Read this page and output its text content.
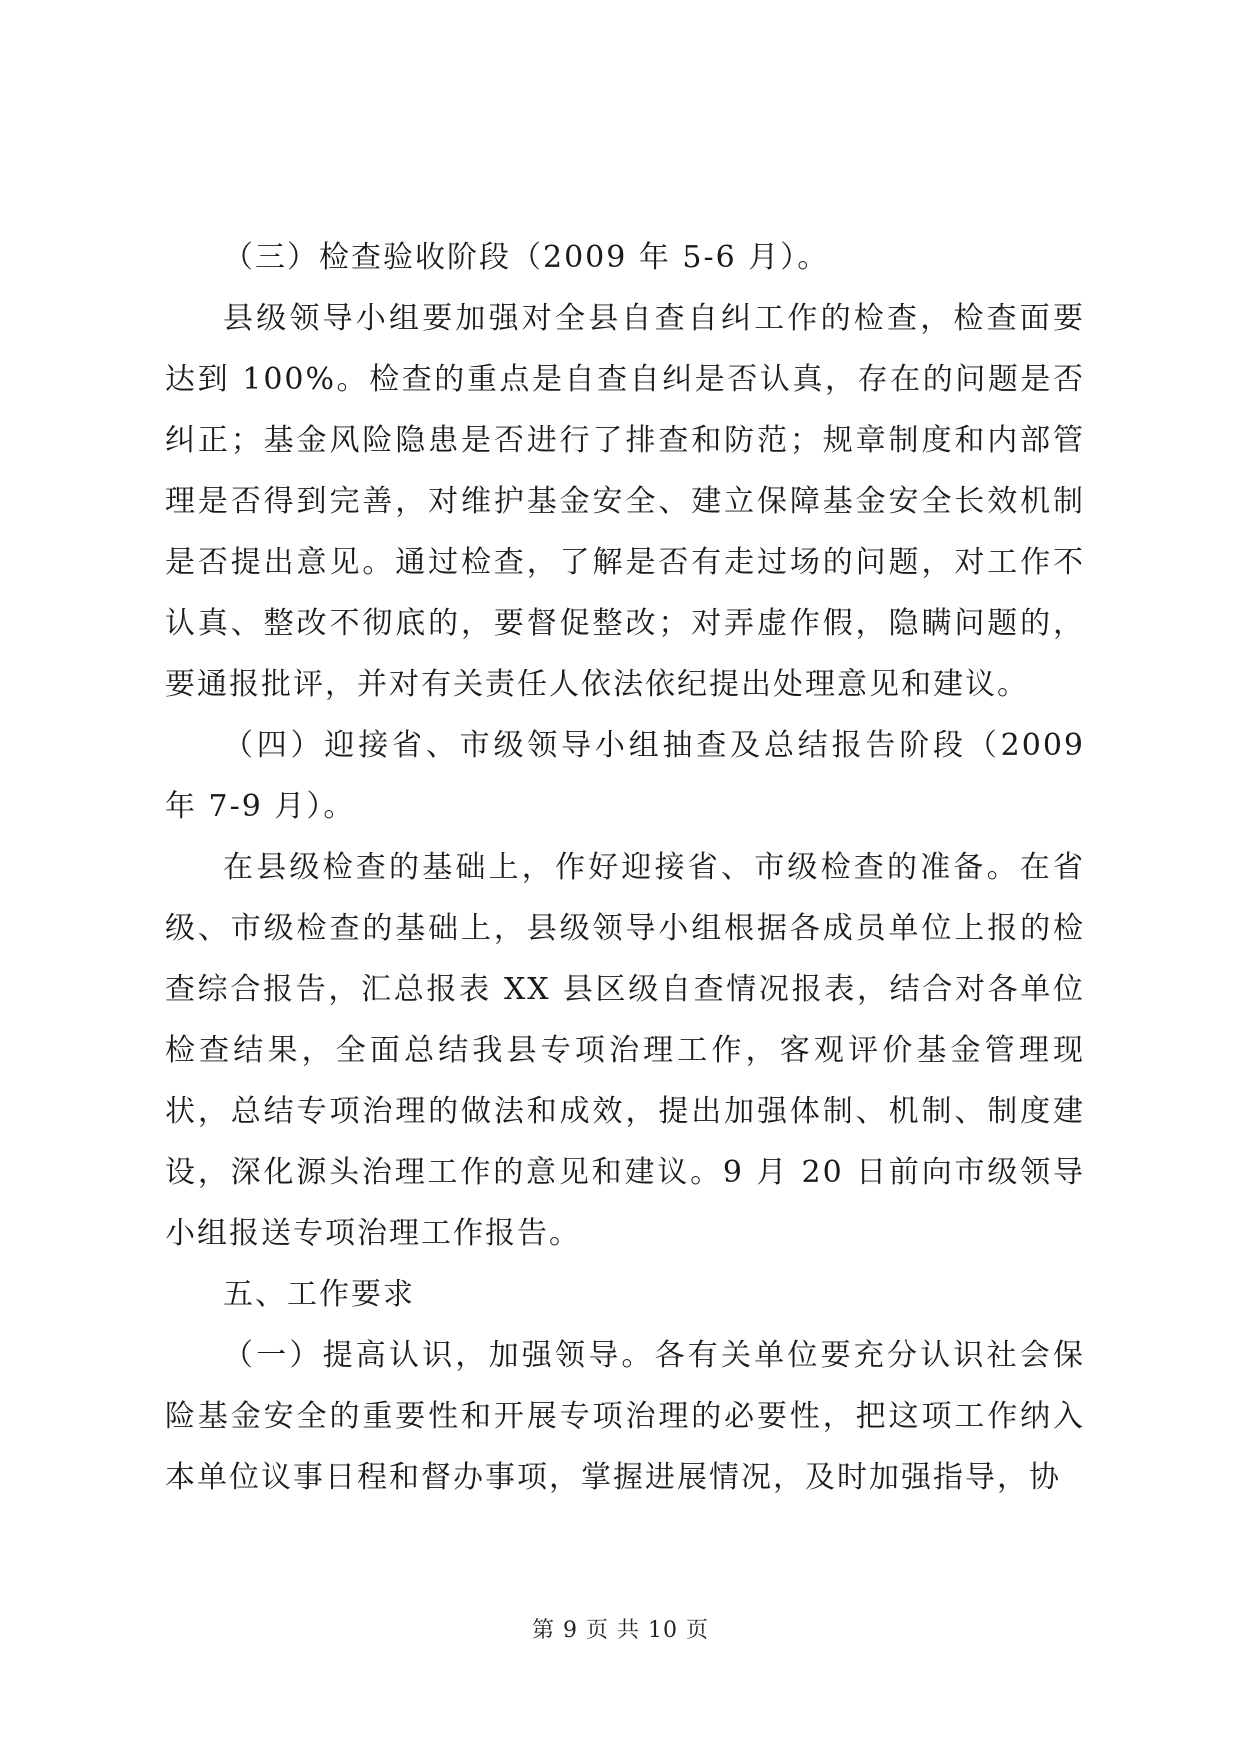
（三）检查验收阶段（2009 年 5-6 月）。

县级领导小组要加强对全县自查自纠工作的检查，检查面要达到 100%。检查的重点是自查自纠是否认真，存在的问题是否纠正；基金风险隐患是否进行了排查和防范；规章制度和内部管理是否得到完善，对维护基金安全、建立保障基金安全长效机制是否提出意见。通过检查，了解是否有走过场的问题，对工作不认真、整改不彻底的，要督促整改；对弄虚作假，隐瞒问题的，要通报批评，并对有关责任人依法依纪提出处理意见和建议。

（四）迎接省、市级领导小组抽查及总结报告阶段（2009 年 7-9 月）。

在县级检查的基础上，作好迎接省、市级检查的准备。在省级、市级检查的基础上，县级领导小组根据各成员单位上报的检查综合报告，汇总报表 XX 县区级自查情况报表，结合对各单位检查结果，全面总结我县专项治理工作，客观评价基金管理现状，总结专项治理的做法和成效，提出加强体制、机制、制度建设，深化源头治理工作的意见和建议。9 月 20 日前向市级领导小组报送专项治理工作报告。

五、工作要求

（一）提高认识，加强领导。各有关单位要充分认识社会保险基金安全的重要性和开展专项治理的必要性，把这项工作纳入本单位议事日程和督办事项，掌握进展情况，及时加强指导，协

第 9 页 共 10 页
